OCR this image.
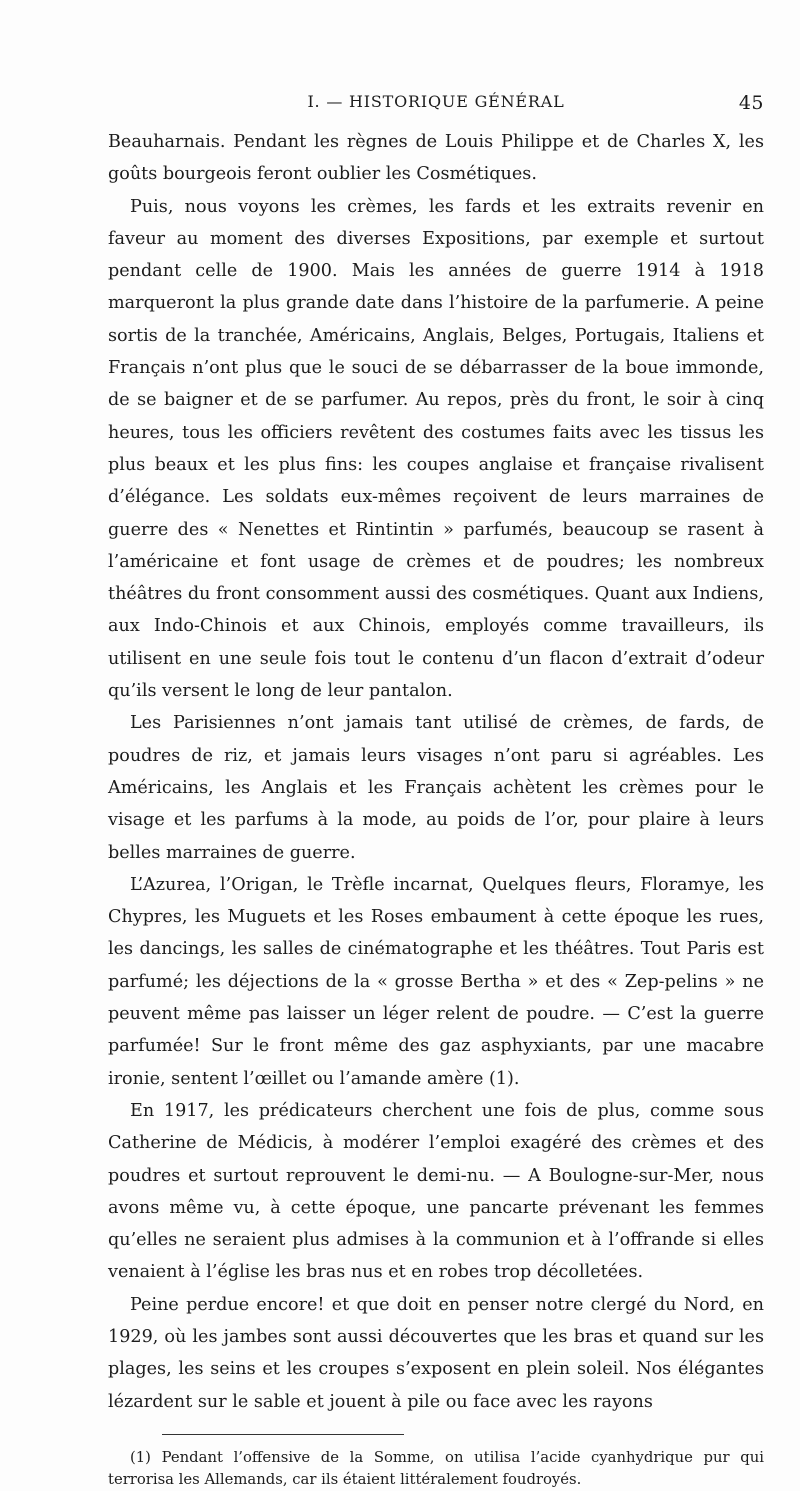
I. — HISTORIQUE GÉNÉRAL	45

Beauharnais. Pendant les règnes de Louis Philippe et de Charles X, les goûts bourgeois feront oublier les Cosmétiques.

Puis, nous voyons les crèmes, les fards et les extraits revenir en faveur au moment des diverses Expositions, par exemple et surtout pendant celle de 1900. Mais les années de guerre 1914 à 1918 marqueront la plus grande date dans l’histoire de la parfumerie. A peine sortis de la tranchée, Américains, Anglais, Belges, Portugais, Italiens et Français n’ont plus que le souci de se débarrasser de la boue immonde, de se baigner et de se parfumer. Au repos, près du front, le soir à cinq heures, tous les officiers revêtent des costumes faits avec les tissus les plus beaux et les plus fins: les coupes anglaise et française rivalisent d’élégance. Les soldats eux-mêmes reçoivent de leurs marraines de guerre des « Nenettes et Rintintin » parfumés, beaucoup se rasent à l’américaine et font usage de crèmes et de poudres; les nombreux théâtres du front consomment aussi des cosmétiques. Quant aux Indiens, aux Indo-Chinois et aux Chinois, employés comme travailleurs, ils utilisent en une seule fois tout le contenu d’un flacon d’extrait d’odeur qu’ils versent le long de leur pantalon.

Les Parisiennes n’ont jamais tant utilisé de crèmes, de fards, de poudres de riz, et jamais leurs visages n’ont paru si agréables. Les Américains, les Anglais et les Français achètent les crèmes pour le visage et les parfums à la mode, au poids de l’or, pour plaire à leurs belles marraines de guerre.

L’Azurea, l’Origan, le Trèfle incarnat, Quelques fleurs, Floramye, les Chypres, les Muguets et les Roses embaument à cette époque les rues, les dancings, les salles de cinématographe et les théâtres. Tout Paris est parfumé; les déjections de la « grosse Bertha » et des « Zep-pelins » ne peuvent même pas laisser un léger relent de poudre. — C’est la guerre parfumée! Sur le front même des gaz asphyxiants, par une macabre ironie, sentent l’œillet ou l’amande amère (1).

En 1917, les prédicateurs cherchent une fois de plus, comme sous Catherine de Médicis, à modérer l’emploi exagéré des crèmes et des poudres et surtout reprouvent le demi-nu. — A Boulogne-sur-Mer, nous avons même vu, à cette époque, une pancarte prévenant les femmes qu’elles ne seraient plus admises à la communion et à l’offrande si elles venaient à l’église les bras nus et en robes trop décolletées.

Peine perdue encore! et que doit en penser notre clergé du Nord, en 1929, où les jambes sont aussi découvertes que les bras et quand sur les plages, les seins et les croupes s’exposent en plein soleil. Nos élégantes lézardent sur le sable et jouent à pile ou face avec les rayons

(1) Pendant l’offensive de la Somme, on utilisa l’acide cyanhydrique pur qui terrorisa les Allemands, car ils étaient littéralement foudroyés.
